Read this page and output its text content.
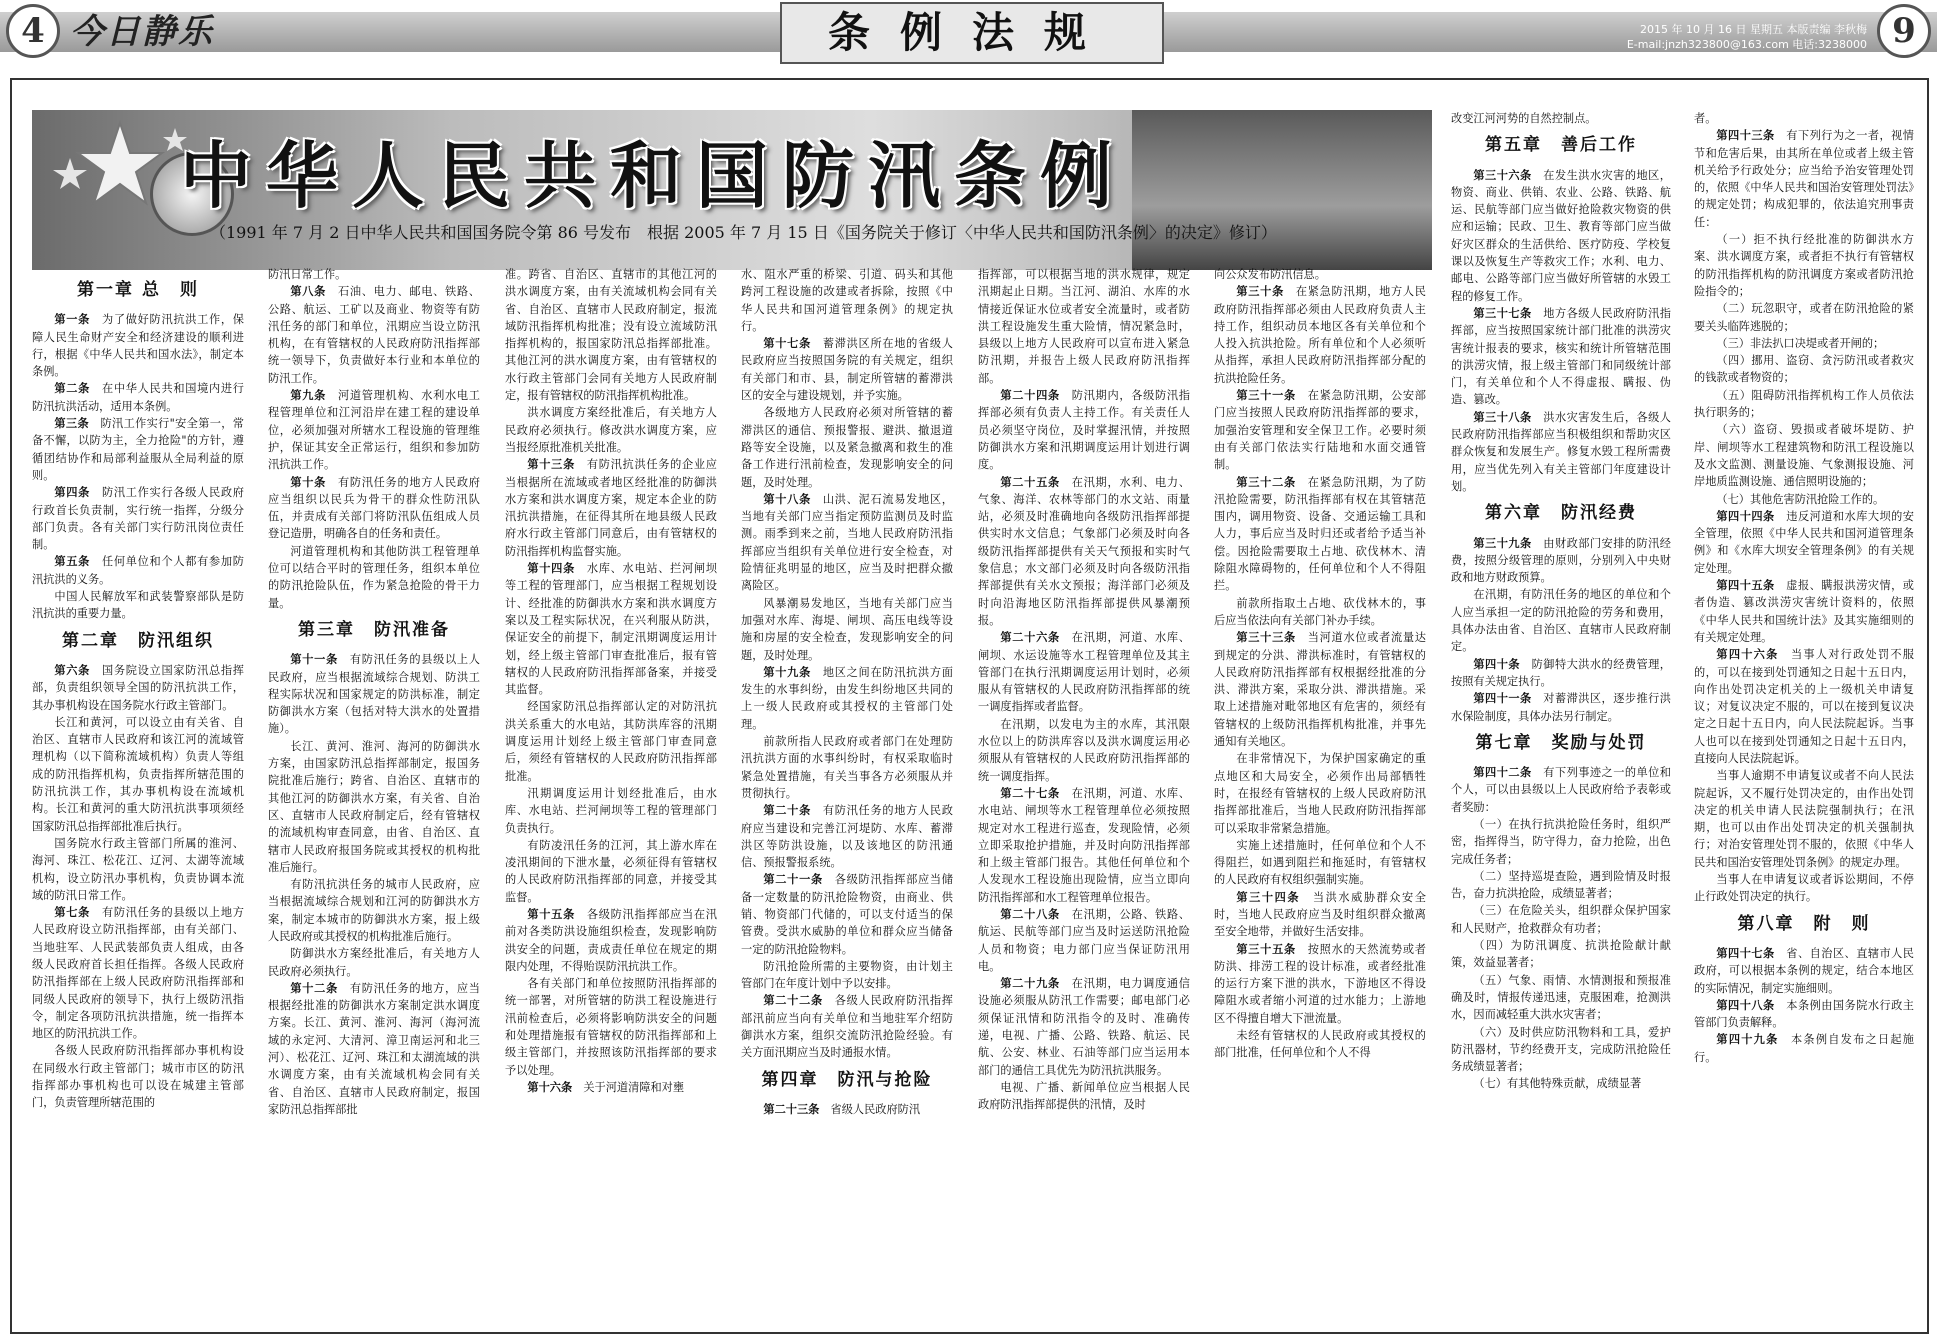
4 今日静乐	条例法规	2015 年 10 月 16 日 星期五 本版责编 李秋梅
E-mail:jnzh323800@163.com 电话:3238000 9
中华人民共和国防汛条例
（1991 年 7 月 2 日中华人民共和国国务院令第 86 号发布　根据 2005 年 7 月 15 日《国务院关于修订〈中华人民共和国防汛条例〉的决定》修订）
第一章 总　则

第一条　 为了做好防汛抗洪工作，保障人民生命财产安全和经济建设的顺利进行，根据《中华人民共和国水法》，制定本条例。

第二条　 在中华人民共和国境内进行防汛抗洪活动，适用本条例。

第三条　 防汛工作实行"安全第一，常备不懈，以防为主，全力抢险"的方针，遵循团结协作和局部利益服从全局利益的原则。

第四条　 防汛工作实行各级人民政府行政首长负责制，实行统一指挥，分级分部门负责。各有关部门实行防汛岗位责任制。

第五条　 任何单位和个人都有参加防汛抗洪的义务。

中国人民解放军和武装警察部队是防汛抗洪的重要力量。

第二章　防汛组织

第六条　 国务院设立国家防汛总指挥部，负责组织领导全国的防汛抗洪工作，其办事机构设在国务院水行政主管部门。

长江和黄河，可以设立由有关省、自治区、直辖市人民政府和该江河的流域管理机构（以下简称流域机构）负责人等组成的防汛指挥机构，负责指挥所辖范围的防汛抗洪工作，其办事机构设在流域机构。长江和黄河的重大防汛抗洪事项须经国家防汛总指挥部批准后执行。

国务院水行政主管部门所属的淮河、海河、珠江、松花江、辽河、太湖等流域机构，设立防汛办事机构，负责协调本流域的防汛日常工作。

第七条　 有防汛任务的县级以上地方人民政府设立防汛指挥部，由有关部门、当地驻军、人民武装部负责人组成，由各级人民政府首长担任指挥。各级人民政府防汛指挥部在上级人民政府防汛指挥部和同级人民政府的领导下，执行上级防汛指令，制定各项防汛抗洪措施，统一指挥本地区的防汛抗洪工作。

各级人民政府防汛指挥部办事机构设在同级水行政主管部门；城市市区的防汛指挥部办事机构也可以设在城建主管部门，负责管理所辖范围的

防汛日常工作。

第八条　 石油、电力、邮电、铁路、公路、航运、工矿以及商业、物资等有防汛任务的部门和单位，汛期应当设立防汛机构，在有管辖权的人民政府防汛指挥部统一领导下，负责做好本行业和本单位的防汛工作。

第九条　 河道管理机构、水利水电工程管理单位和江河沿岸在建工程的建设单位，必须加强对所辖水工程设施的管理维护，保证其安全正常运行，组织和参加防汛抗洪工作。

第十条　 有防汛任务的地方人民政府应当组织以民兵为骨干的群众性防汛队伍，并责成有关部门将防汛队伍组成人员登记造册，明确各自的任务和责任。

河道管理机构和其他防洪工程管理单位可以结合平时的管理任务，组织本单位的防汛抢险队伍，作为紧急抢险的骨干力量。

第三章　防汛准备

第十一条　 有防汛任务的县级以上人民政府，应当根据流域综合规划、防洪工程实际状况和国家规定的防洪标准，制定防御洪水方案（包括对特大洪水的处置措施）。

长江、黄河、淮河、海河的防御洪水方案，由国家防汛总指挥部制定，报国务院批准后施行；跨省、自治区、直辖市的其他江河的防御洪水方案，有关省、自治区、直辖市人民政府制定后，经有管辖权的流域机构审查同意，由省、自治区、直辖市人民政府报国务院或其授权的机构批准后施行。

有防汛抗洪任务的城市人民政府，应当根据流域综合规划和江河的防御洪水方案，制定本城市的防御洪水方案，报上级人民政府或其授权的机构批准后施行。

防御洪水方案经批准后，有关地方人民政府必须执行。

第十二条　 有防汛任务的地方，应当根据经批准的防御洪水方案制定洪水调度方案。长江、黄河、淮河、海河（海河流域的永定河、大清河、漳卫南运河和北三河）、松花江、辽河、珠江和太湖流域的洪水调度方案，由有关流域机构会同有关省、自治区、直辖市人民政府制定，报国家防汛总指挥部批

准。跨省、自治区、直辖市的其他江河的洪水调度方案，由有关流域机构会同有关省、自治区、直辖市人民政府制定，报流域防汛指挥机构批准；没有设立流域防汛指挥机构的，报国家防汛总指挥部批准。其他江河的洪水调度方案，由有管辖权的水行政主管部门会同有关地方人民政府制定，报有管辖权的防汛指挥机构批准。

洪水调度方案经批准后，有关地方人民政府必须执行。修改洪水调度方案，应当报经原批准机关批准。

第十三条　 有防汛抗洪任务的企业应当根据所在流域或者地区经批准的防御洪水方案和洪水调度方案，规定本企业的防汛抗洪措施，在征得其所在地县级人民政府水行政主管部门同意后，由有管辖权的防汛指挥机构监督实施。

第十四条　 水库、水电站、拦河闸坝等工程的管理部门，应当根据工程规划设计、经批准的防御洪水方案和洪水调度方案以及工程实际状况，在兴利服从防洪，保证安全的前提下，制定汛期调度运用计划，经上级主管部门审查批准后，报有管辖权的人民政府防汛指挥部备案，并接受其监督。

经国家防汛总指挥部认定的对防汛抗洪关系重大的水电站，其防洪库容的汛期调度运用计划经上级主管部门审查同意后，须经有管辖权的人民政府防汛指挥部批准。

汛期调度运用计划经批准后，由水库、水电站、拦河闸坝等工程的管理部门负责执行。

有防凌汛任务的江河，其上游水库在凌汛期间的下泄水量，必须征得有管辖权的人民政府防汛指挥部的同意，并接受其监督。

第十五条　 各级防汛指挥部应当在汛前对各类防洪设施组织检查，发现影响防洪安全的问题，责成责任单位在规定的期限内处理，不得贻误防汛抗洪工作。

各有关部门和单位按照防汛指挥部的统一部署，对所管辖的防洪工程设施进行汛前检查后，必须将影响防洪安全的问题和处理措施报有管辖权的防汛指挥部和上级主管部门，并按照该防汛指挥部的要求予以处理。

第十六条　 关于河道清障和对壅

水、阻水严重的桥梁、引道、码头和其他跨河工程设施的改建或者拆除，按照《中华人民共和国河道管理条例》的规定执行。

第十七条　 蓄滞洪区所在地的省级人民政府应当按照国务院的有关规定，组织有关部门和市、县，制定所管辖的蓄滞洪区的安全与建设规划，并予实施。

各级地方人民政府必须对所管辖的蓄滞洪区的通信、预报警报、避洪、撤退道路等安全设施，以及紧急撤离和救生的准备工作进行汛前检查，发现影响安全的问题，及时处理。

第十八条　 山洪、泥石流易发地区，当地有关部门应当指定预防监测员及时监测。雨季到来之前，当地人民政府防汛指挥部应当组织有关单位进行安全检查，对险情征兆明显的地区，应当及时把群众撤离险区。

风暴潮易发地区，当地有关部门应当加强对水库、海堤、闸坝、高压电线等设施和房屋的安全检查，发现影响安全的问题，及时处理。

第十九条　 地区之间在防汛抗洪方面发生的水事纠纷，由发生纠纷地区共同的上一级人民政府或其授权的主管部门处理。

前款所指人民政府或者部门在处理防汛抗洪方面的水事纠纷时，有权采取临时紧急处置措施，有关当事各方必须服从并贯彻执行。

第二十条　 有防汛任务的地方人民政府应当建设和完善江河堤防、水库、蓄滞洪区等防洪设施，以及该地区的防汛通信、预报警报系统。

第二十一条　 各级防汛指挥部应当储备一定数量的防汛抢险物资，由商业、供销、物资部门代储的，可以支付适当的保管费。受洪水威胁的单位和群众应当储备一定的防汛抢险物料。

防汛抢险所需的主要物资，由计划主管部门在年度计划中予以安排。

第二十二条　 各级人民政府防汛指挥部汛前应当向有关单位和当地驻军介绍防御洪水方案，组织交流防汛抢险经验。有关方面汛期应当及时通报水情。

第四章　防汛与抢险

第二十三条　 省级人民政府防汛

指挥部，可以根据当地的洪水规律，规定汛期起止日期。当江河、湖泊、水库的水情接近保证水位或者安全流量时，或者防洪工程设施发生重大险情，情况紧急时，县级以上地方人民政府可以宣布进入紧急防汛期，并报告上级人民政府防汛指挥部。

第二十四条　 防汛期内，各级防汛指挥部必须有负责人主持工作。有关责任人员必须坚守岗位，及时掌握汛情，并按照防御洪水方案和汛期调度运用计划进行调度。

第二十五条　 在汛期，水利、电力、气象、海洋、农林等部门的水文站、雨量站，必须及时准确地向各级防汛指挥部提供实时水文信息；气象部门必须及时向各级防汛指挥部提供有关天气预报和实时气象信息；水文部门必须及时向各级防汛指挥部提供有关水文预报；海洋部门必须及时向沿海地区防汛指挥部提供风暴潮预报。

第二十六条　 在汛期，河道、水库、闸坝、水运设施等水工程管理单位及其主管部门在执行汛期调度运用计划时，必须服从有管辖权的人民政府防汛指挥部的统一调度指挥或者监督。

在汛期，以发电为主的水库，其汛限水位以上的防洪库容以及洪水调度运用必须服从有管辖权的人民政府防汛指挥部的统一调度指挥。

第二十七条　 在汛期，河道、水库、水电站、闸坝等水工程管理单位必须按照规定对水工程进行巡查，发现险情，必须立即采取抢护措施，并及时向防汛指挥部和上级主管部门报告。其他任何单位和个人发现水工程设施出现险情，应当立即向防汛指挥部和水工程管理单位报告。

第二十八条　 在汛期，公路、铁路、航运、民航等部门应当及时运送防汛抢险人员和物资；电力部门应当保证防汛用电。

第二十九条　 在汛期，电力调度通信设施必须服从防汛工作需要；邮电部门必须保证汛情和防汛指令的及时、准确传递，电视、广播、公路、铁路、航运、民航、公安、林业、石油等部门应当运用本部门的通信工具优先为防汛抗洪服务。

电视、广播、新闻单位应当根据人民政府防汛指挥部提供的汛情，及时

向公众发布防汛信息。

第三十条　 在紧急防汛期，地方人民政府防汛指挥部必须由人民政府负责人主持工作，组织动员本地区各有关单位和个人投入抗洪抢险。所有单位和个人必须听从指挥，承担人民政府防汛指挥部分配的抗洪抢险任务。

第三十一条　 在紧急防汛期，公安部门应当按照人民政府防汛指挥部的要求，加强治安管理和安全保卫工作。必要时须由有关部门依法实行陆地和水面交通管制。

第三十二条　 在紧急防汛期，为了防汛抢险需要，防汛指挥部有权在其管辖范围内，调用物资、设备、交通运输工具和人力，事后应当及时归还或者给予适当补偿。因抢险需要取土占地、砍伐林木、清除阻水障碍物的，任何单位和个人不得阻拦。

前款所指取土占地、砍伐林木的，事后应当依法向有关部门补办手续。

第三十三条　 当河道水位或者流量达到规定的分洪、滞洪标准时，有管辖权的人民政府防汛指挥部有权根据经批准的分洪、滞洪方案，采取分洪、滞洪措施。采取上述措施对毗邻地区有危害的，须经有管辖权的上级防汛指挥机构批准，并事先通知有关地区。

在非常情况下，为保护国家确定的重点地区和大局安全，必须作出局部牺牲时，在报经有管辖权的上级人民政府防汛指挥部批准后，当地人民政府防汛指挥部可以采取非常紧急措施。

实施上述措施时，任何单位和个人不得阻拦，如遇到阻拦和拖延时，有管辖权的人民政府有权组织强制实施。

第三十四条　 当洪水威胁群众安全时，当地人民政府应当及时组织群众撤离至安全地带，并做好生活安排。

第三十五条　 按照水的天然流势或者防洪、排涝工程的设计标准，或者经批准的运行方案下泄的洪水，下游地区不得设障阻水或者缩小河道的过水能力；上游地区不得擅自增大下泄流量。

未经有管辖权的人民政府或其授权的部门批准，任何单位和个人不得

改变江河河势的自然控制点。

第五章　善后工作

第三十六条　 在发生洪水灾害的地区，物资、商业、供销、农业、公路、铁路、航运、民航等部门应当做好抢险救灾物资的供应和运输；民政、卫生、教育等部门应当做好灾区群众的生活供给、医疗防疫、学校复课以及恢复生产等救灾工作；水利、电力、邮电、公路等部门应当做好所管辖的水毁工程的修复工作。

第三十七条　 地方各级人民政府防汛指挥部，应当按照国家统计部门批准的洪涝灾害统计报表的要求，核实和统计所管辖范围的洪涝灾情，报上级主管部门和同级统计部门，有关单位和个人不得虚报、瞒报、伪造、篡改。

第三十八条　 洪水灾害发生后，各级人民政府防汛指挥部应当积极组织和帮助灾区群众恢复和发展生产。修复水毁工程所需费用，应当优先列入有关主管部门年度建设计划。

第六章　防汛经费

第三十九条　 由财政部门安排的防汛经费，按照分级管理的原则，分别列入中央财政和地方财政预算。

在汛期，有防汛任务的地区的单位和个人应当承担一定的防汛抢险的劳务和费用，具体办法由省、自治区、直辖市人民政府制定。

第四十条　 防御特大洪水的经费管理，按照有关规定执行。

第四十一条　 对蓄滞洪区，逐步推行洪水保险制度，具体办法另行制定。

第七章　奖励与处罚

第四十二条　 有下列事迹之一的单位和个人，可以由县级以上人民政府给予表彰或者奖励：

（一）在执行抗洪抢险任务时，组织严密，指挥得当，防守得力，奋力抢险，出色完成任务者；

（二）坚持巡堤查险，遇到险情及时报告，奋力抗洪抢险，成绩显著者；

（三）在危险关头，组织群众保护国家和人民财产，抢救群众有功者；

（四）为防汛调度、抗洪抢险献计献策，效益显著者；

（五）气象、雨情、水情测报和预报准确及时，情报传递迅速，克服困难，抢测洪水，因而减轻重大洪水灾害者；

（六）及时供应防汛物料和工具，爱护防汛器材，节约经费开支，完成防汛抢险任务成绩显著者；

（七）有其他特殊贡献，成绩显著

者。

第四十三条　 有下列行为之一者，视情节和危害后果，由其所在单位或者上级主管机关给予行政处分；应当给予治安管理处罚的，依照《中华人民共和国治安管理处罚法》的规定处罚；构成犯罪的，依法追究刑事责任：

（一）拒不执行经批准的防御洪水方案、洪水调度方案，或者拒不执行有管辖权的防汛指挥机构的防汛调度方案或者防汛抢险指令的；

（二）玩忽职守，或者在防汛抢险的紧要关头临阵逃脱的；

（三）非法扒口决堤或者开闸的；

（四）挪用、盗窃、贪污防汛或者救灾的钱款或者物资的；

（五）阻碍防汛指挥机构工作人员依法执行职务的；

（六）盗窃、毁损或者破坏堤防、护岸、闸坝等水工程建筑物和防汛工程设施以及水文监测、测量设施、气象测报设施、河岸地质监测设施、通信照明设施的；

（七）其他危害防汛抢险工作的。

第四十四条　 违反河道和水库大坝的安全管理，依照《中华人民共和国河道管理条例》和《水库大坝安全管理条例》的有关规定处理。

第四十五条　 虚报、瞒报洪涝灾情，或者伪造、篡改洪涝灾害统计资料的，依照《中华人民共和国统计法》及其实施细则的有关规定处理。

第四十六条　 当事人对行政处罚不服的，可以在接到处罚通知之日起十五日内，向作出处罚决定机关的上一级机关申请复议；对复议决定不服的，可以在接到复议决定之日起十五日内，向人民法院起诉。当事人也可以在接到处罚通知之日起十五日内，直接向人民法院起诉。

当事人逾期不申请复议或者不向人民法院起诉，又不履行处罚决定的，由作出处罚决定的机关申请人民法院强制执行；在汛期，也可以由作出处罚决定的机关强制执行；对治安管理处罚不服的，依照《中华人民共和国治安管理处罚条例》的规定办理。

当事人在申请复议或者诉讼期间，不停止行政处罚决定的执行。

第八章　附　则

第四十七条　 省、自治区、直辖市人民政府，可以根据本条例的规定，结合本地区的实际情况，制定实施细则。

第四十八条　 本条例由国务院水行政主管部门负责解释。

第四十九条　 本条例自发布之日起施行。
